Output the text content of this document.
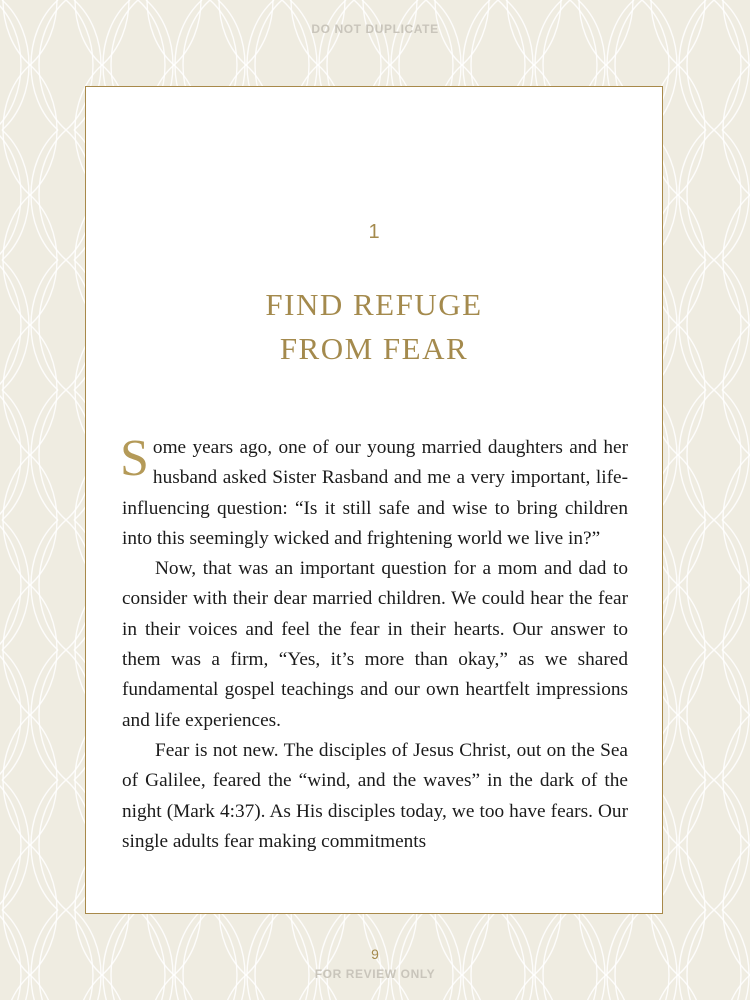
DO NOT DUPLICATE
1
FIND REFUGE
FROM FEAR

Some years ago, one of our young married daughters and her husband asked Sister Rasband and me a very important, life-influencing question: “Is it still safe and wise to bring children into this seemingly wicked and frightening world we live in?”

Now, that was an important question for a mom and dad to consider with their dear married children. We could hear the fear in their voices and feel the fear in their hearts. Our answer to them was a firm, “Yes, it’s more than okay,” as we shared fundamental gospel teachings and our own heartfelt impressions and life experiences.

Fear is not new. The disciples of Jesus Christ, out on the Sea of Galilee, feared the “wind, and the waves” in the dark of the night (Mark 4:37). As His disciples today, we too have fears. Our single adults fear making commitments

9
FOR REVIEW ONLY
